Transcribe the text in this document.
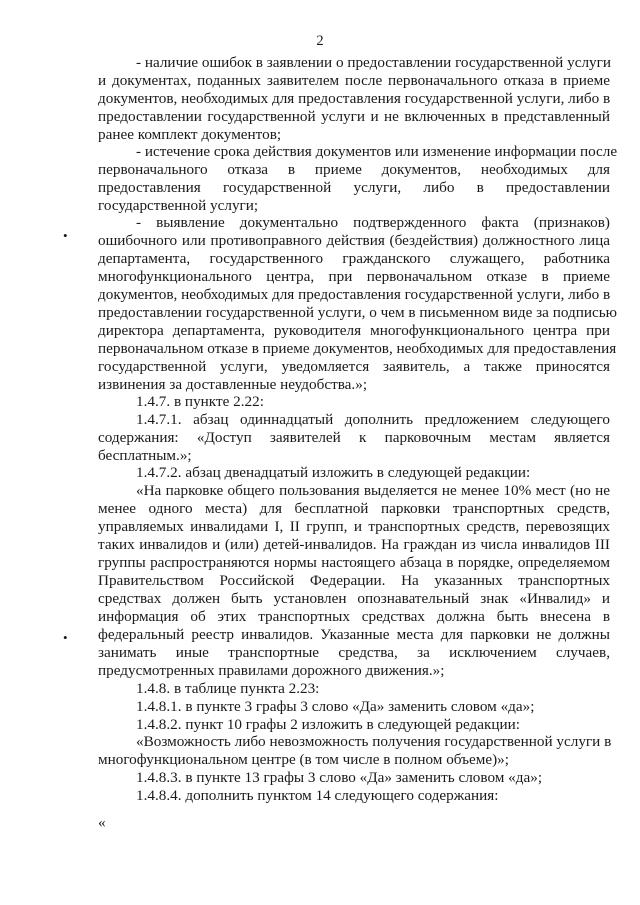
2
- наличие ошибок в заявлении о предоставлении государственной услуги
и документах, поданных заявителем после первоначального отказа в приеме
документов, необходимых для предоставления государственной услуги, либо в
предоставлении государственной услуги и не включенных в представленный
ранее комплект документов;
- истечение срока действия документов или изменение информации после
первоначального отказа в приеме документов, необходимых для
предоставления государственной услуги, либо в предоставлении
государственной услуги;
- выявление документально подтвержденного факта (признаков)
ошибочного или противоправного действия (бездействия) должностного лица
департамента, государственного гражданского служащего, работника
многофункционального центра, при первоначальном отказе в приеме
документов, необходимых для предоставления государственной услуги, либо в
предоставлении государственной услуги, о чем в письменном виде за подписью
директора департамента, руководителя многофункционального центра при
первоначальном отказе в приеме документов, необходимых для предоставления
государственной услуги, уведомляется заявитель, а также приносятся
извинения за доставленные неудобства.»;
1.4.7. в пункте 2.22:
1.4.7.1. абзац одиннадцатый дополнить предложением следующего
содержания: «Доступ заявителей к парковочным местам является
бесплатным.»;
1.4.7.2. абзац двенадцатый изложить в следующей редакции:
«На парковке общего пользования выделяется не менее 10% мест (но не
менее одного места) для бесплатной парковки транспортных средств,
управляемых инвалидами I, II групп, и транспортных средств, перевозящих
таких инвалидов и (или) детей-инвалидов. На граждан из числа инвалидов III
группы распространяются нормы настоящего абзаца в порядке, определяемом
Правительством Российской Федерации. На указанных транспортных
средствах должен быть установлен опознавательный знак «Инвалид» и
информация об этих транспортных средствах должна быть внесена в
федеральный реестр инвалидов. Указанные места для парковки не должны
занимать иные транспортные средства, за исключением случаев,
предусмотренных правилами дорожного движения.»;
1.4.8. в таблице пункта 2.23:
1.4.8.1. в пункте 3 графы 3 слово «Да» заменить словом «да»;
1.4.8.2. пункт 10 графы 2 изложить в следующей редакции:
«Возможность либо невозможность получения государственной услуги в
многофункциональном центре (в том числе в полном объеме)»;
1.4.8.3. в пункте 13 графы 3 слово «Да» заменить словом «да»;
1.4.8.4. дополнить пунктом 14 следующего содержания:
«
•
•
